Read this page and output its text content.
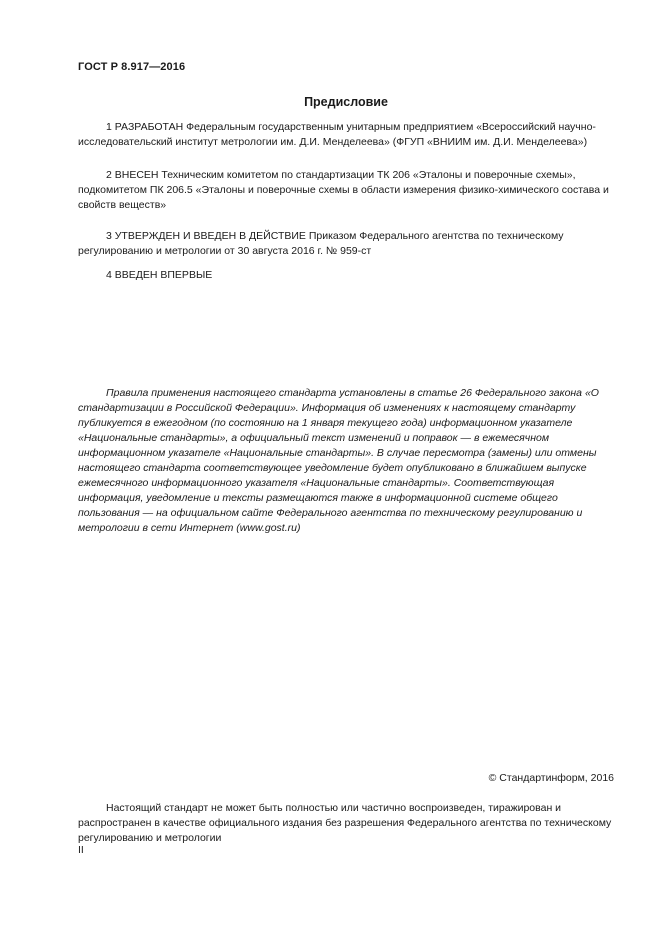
ГОСТ Р 8.917—2016
Предисловие

1 РАЗРАБОТАН Федеральным государственным унитарным предприятием «Всероссийский научно-исследовательский институт метрологии им. Д.И. Менделеева» (ФГУП «ВНИИМ им. Д.И. Менделеева»)

2 ВНЕСЕН Техническим комитетом по стандартизации ТК 206 «Эталоны и поверочные схемы», подкомитетом ПК 206.5 «Эталоны и поверочные схемы в области измерения физико-химического состава и свойств веществ»

3 УТВЕРЖДЕН И ВВЕДЕН В ДЕЙСТВИЕ Приказом Федерального агентства по техническому регулированию и метрологии от 30 августа 2016 г. № 959-ст

4 ВВЕДЕН ВПЕРВЫЕ

Правила применения настоящего стандарта установлены в статье 26 Федерального закона «О стандартизации в Российской Федерации». Информация об изменениях к настоящему стандарту публикуется в ежегодном (по состоянию на 1 января текущего года) информационном указателе «Национальные стандарты», а официальный текст изменений и поправок — в ежемесячном информационном указателе «Национальные стандарты». В случае пересмотра (замены) или отмены настоящего стандарта соответствующее уведомление будет опубликовано в ближайшем выпуске ежемесячного информационного указателя «Национальные стандарты». Соответствующая информация, уведомление и тексты размещаются также в информационной системе общего пользования — на официальном сайте Федерального агентства по техническому регулированию и метрологии в сети Интернет (www.gost.ru)

© Стандартинформ, 2016

Настоящий стандарт не может быть полностью или частично воспроизведен, тиражирован и распространен в качестве официального издания без разрешения Федерального агентства по техническому регулированию и метрологии

II
